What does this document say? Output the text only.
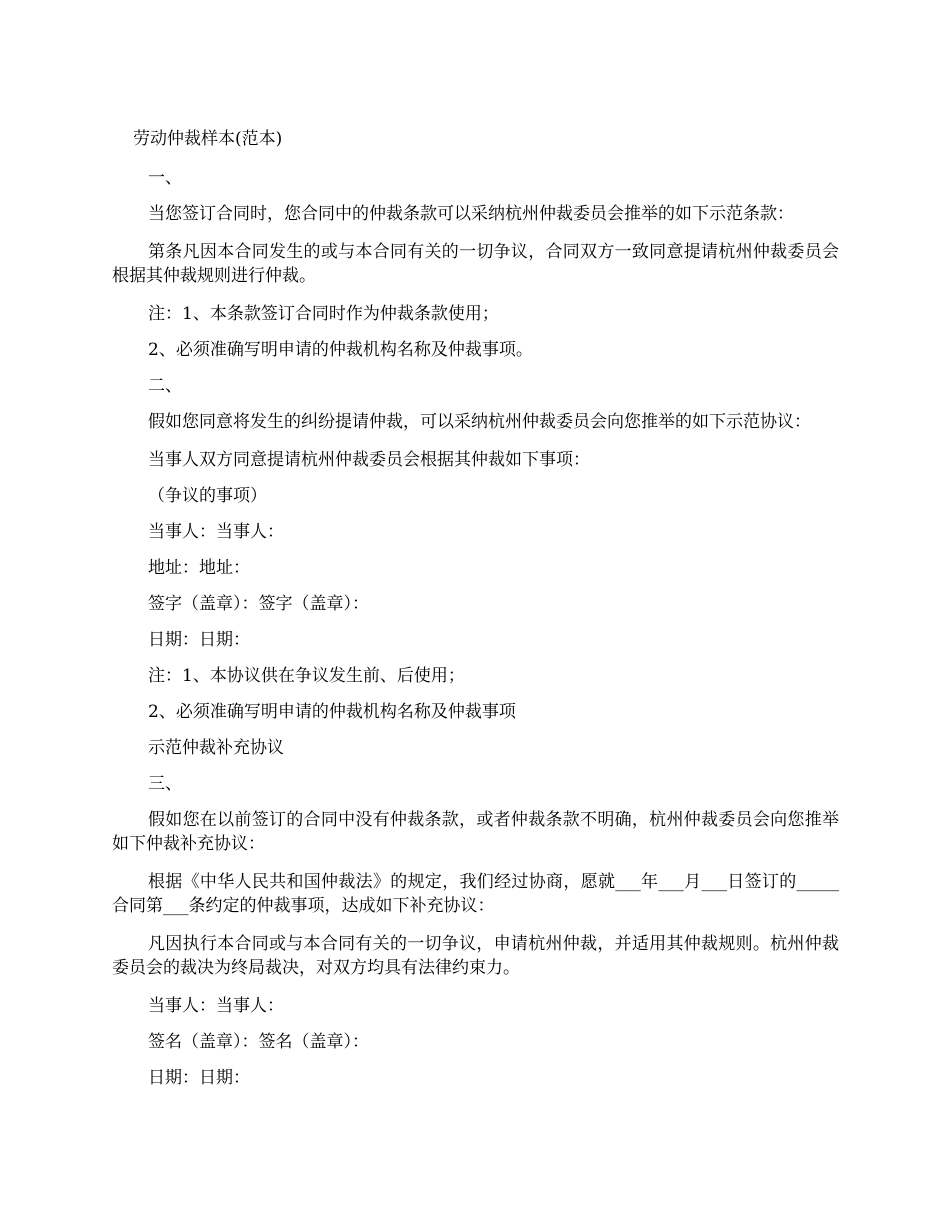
劳动仲裁样本(范本)

一、

当您签订合同时，您合同中的仲裁条款可以采纳杭州仲裁委员会推举的如下示范条款：

第条凡因本合同发生的或与本合同有关的一切争议，合同双方一致同意提请杭州仲裁委员会根据其仲裁规则进行仲裁。

注：1、本条款签订合同时作为仲裁条款使用；

2、必须准确写明申请的仲裁机构名称及仲裁事项。

二、

假如您同意将发生的纠纷提请仲裁，可以采纳杭州仲裁委员会向您推举的如下示范协议：

当事人双方同意提请杭州仲裁委员会根据其仲裁如下事项：

（争议的事项）

当事人：当事人：

地址：地址：

签字（盖章）：签字（盖章）：

日期：日期：

注：1、本协议供在争议发生前、后使用；

2、必须准确写明申请的仲裁机构名称及仲裁事项

示范仲裁补充协议

三、

假如您在以前签订的合同中没有仲裁条款，或者仲裁条款不明确，杭州仲裁委员会向您推举如下仲裁补充协议：

根据《中华人民共和国仲裁法》的规定，我们经过协商，愿就___年___月___日签订的_____合同第___条约定的仲裁事项，达成如下补充协议：

凡因执行本合同或与本合同有关的一切争议，申请杭州仲裁，并适用其仲裁规则。杭州仲裁委员会的裁决为终局裁决，对双方均具有法律约束力。

当事人：当事人：

签名（盖章）：签名（盖章）：

日期：日期：
